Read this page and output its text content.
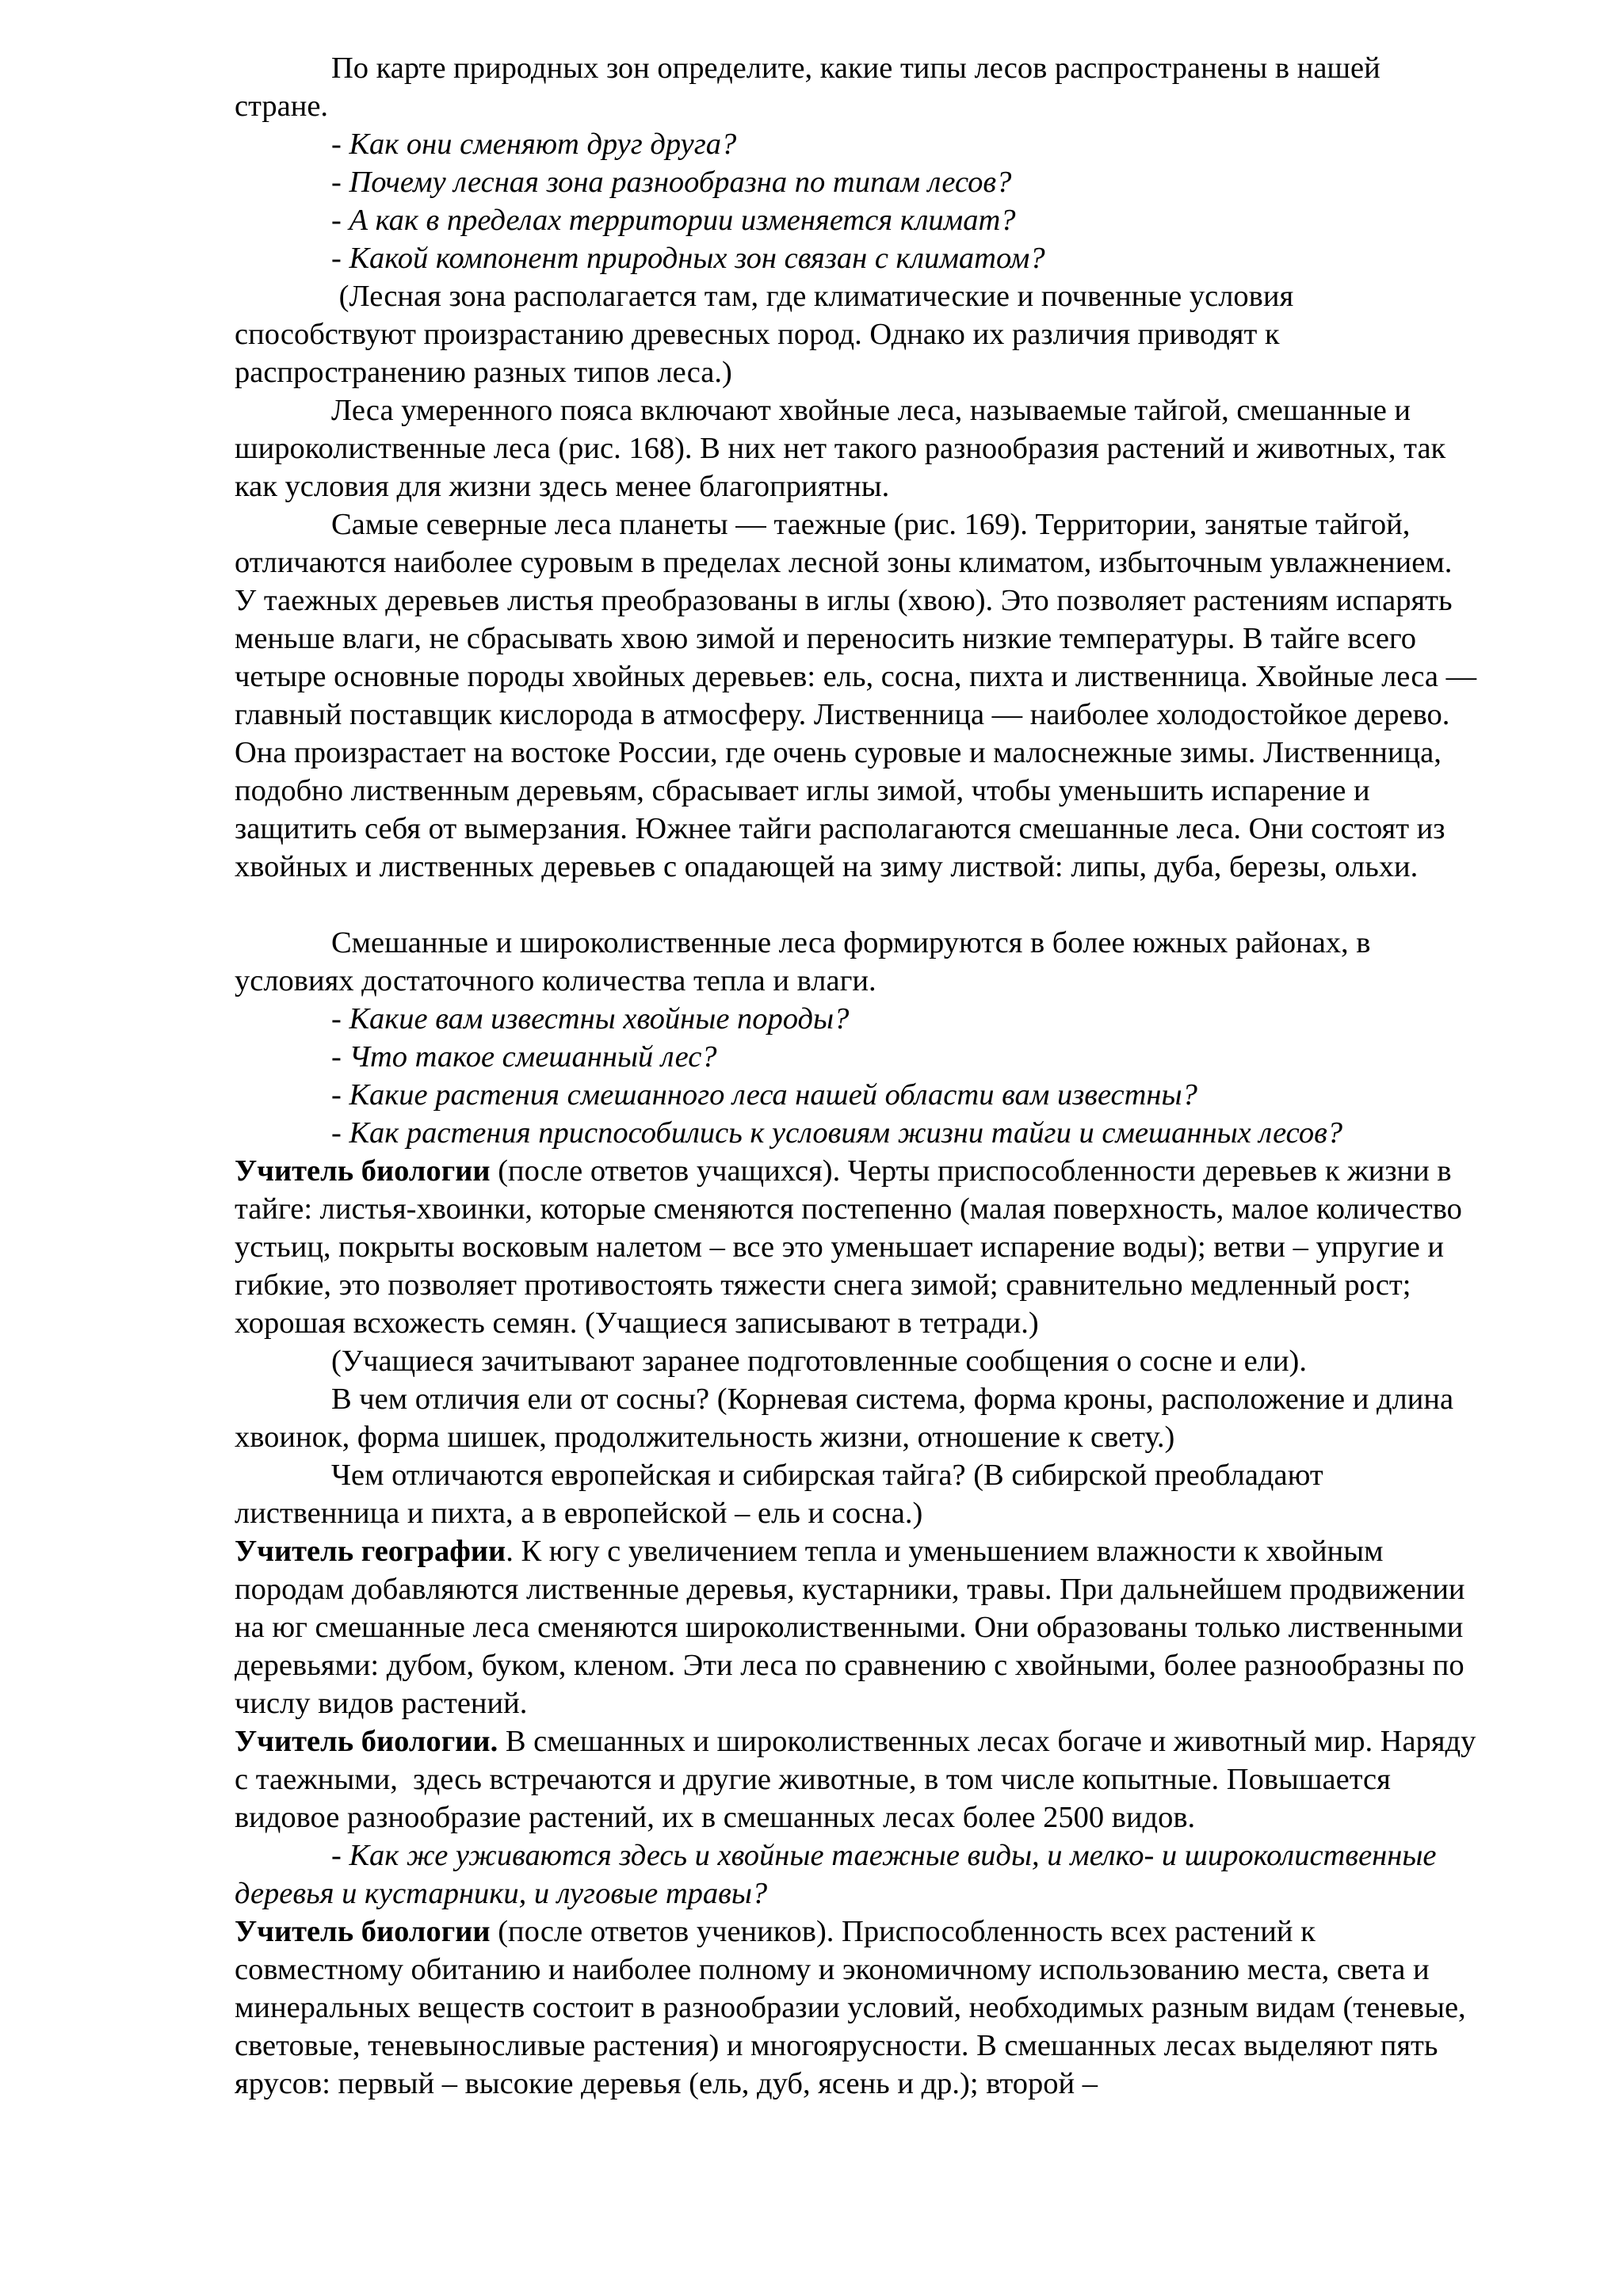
По карте природных зон определите, какие типы лесов распространены в нашей стране.

- Как они сменяют друг друга?

- Почему лесная зона разнообразна по типам лесов?

- А как в пределах территории изменяется климат?

- Какой компонент природных зон связан с климатом?

(Лесная зона располагается там, где климатические и почвенные условия способствуют произрастанию древесных пород. Однако их различия приводят к распространению разных типов леса.)

Леса умеренного пояса включают хвойные леса, называемые тайгой, смешанные и широколиственные леса (рис. 168). В них нет такого разнообразия растений и животных, так как условия для жизни здесь менее благоприятны.

Самые северные леса планеты — таежные (рис. 169). Территории, занятые тайгой, отличаются наиболее суровым в пределах лесной зоны климатом, избыточным увлажнением. У таежных деревьев листья преобразованы в иглы (хвою). Это позволяет растениям испарять меньше влаги, не сбрасывать хвою зимой и переносить низкие температуры. В тайге всего четыре основные породы хвойных деревьев: ель, сосна, пихта и лиственница. Хвойные леса — главный поставщик кислорода в атмосферу. Лиственница — наиболее холодостойкое дерево. Она произрастает на востоке России, где очень суровые и малоснежные зимы. Лиственница, подобно лиственным деревьям, сбрасывает иглы зимой, чтобы уменьшить испарение и защитить себя от вымерзания. Южнее тайги располагаются смешанные леса. Они состоят из хвойных и лиственных деревьев с опадающей на зиму листвой: липы, дуба, березы, ольхи.

Смешанные и широколиственные леса формируются в более южных районах, в условиях достаточного количества тепла и влаги.

- Какие вам известны хвойные породы?

- Что такое смешанный лес?

- Какие растения смешанного леса нашей области вам известны?

- Как растения приспособились к условиям жизни тайги и смешанных лесов?

Учитель биологии (после ответов учащихся). Черты приспособленности деревьев к жизни в тайге: листья-хвоинки, которые сменяются постепенно (малая поверхность, малое количество устьиц, покрыты восковым налетом – все это уменьшает испарение воды); ветви – упругие и гибкие, это позволяет противостоять тяжести снега зимой; сравнительно медленный рост; хорошая всхожесть семян. (Учащиеся записывают в тетради.)

(Учащиеся зачитывают заранее подготовленные сообщения о сосне и ели).

В чем отличия ели от сосны? (Корневая система, форма кроны, расположение и длина хвоинок, форма шишек, продолжительность жизни, отношение к свету.)

Чем отличаются европейская и сибирская тайга? (В сибирской преобладают лиственница и пихта, а в европейской – ель и сосна.)

Учитель географии. К югу с увеличением тепла и уменьшением влажности к хвойным породам добавляются лиственные деревья, кустарники, травы. При дальнейшем продвижении на юг смешанные леса сменяются широколиственными. Они образованы только лиственными деревьями: дубом, буком, кленом. Эти леса по сравнению с хвойными, более разнообразны по числу видов растений.

Учитель биологии. В смешанных и широколиственных лесах богаче и животный мир. Наряду с таежными,  здесь встречаются и другие животные, в том числе копытные. Повышается видовое разнообразие растений, их в смешанных лесах более 2500 видов.

- Как же уживаются здесь и хвойные таежные виды, и мелко- и широколиственные деревья и кустарники, и луговые травы?

Учитель биологии (после ответов учеников). Приспособленность всех растений к совместному обитанию и наиболее полному и экономичному использованию места, света и минеральных веществ состоит в разнообразии условий, необходимых разным видам (теневые, световые, теневыносливые растения) и многоярусности. В смешанных лесах выделяют пять ярусов: первый – высокие деревья (ель, дуб, ясень и др.); второй –
